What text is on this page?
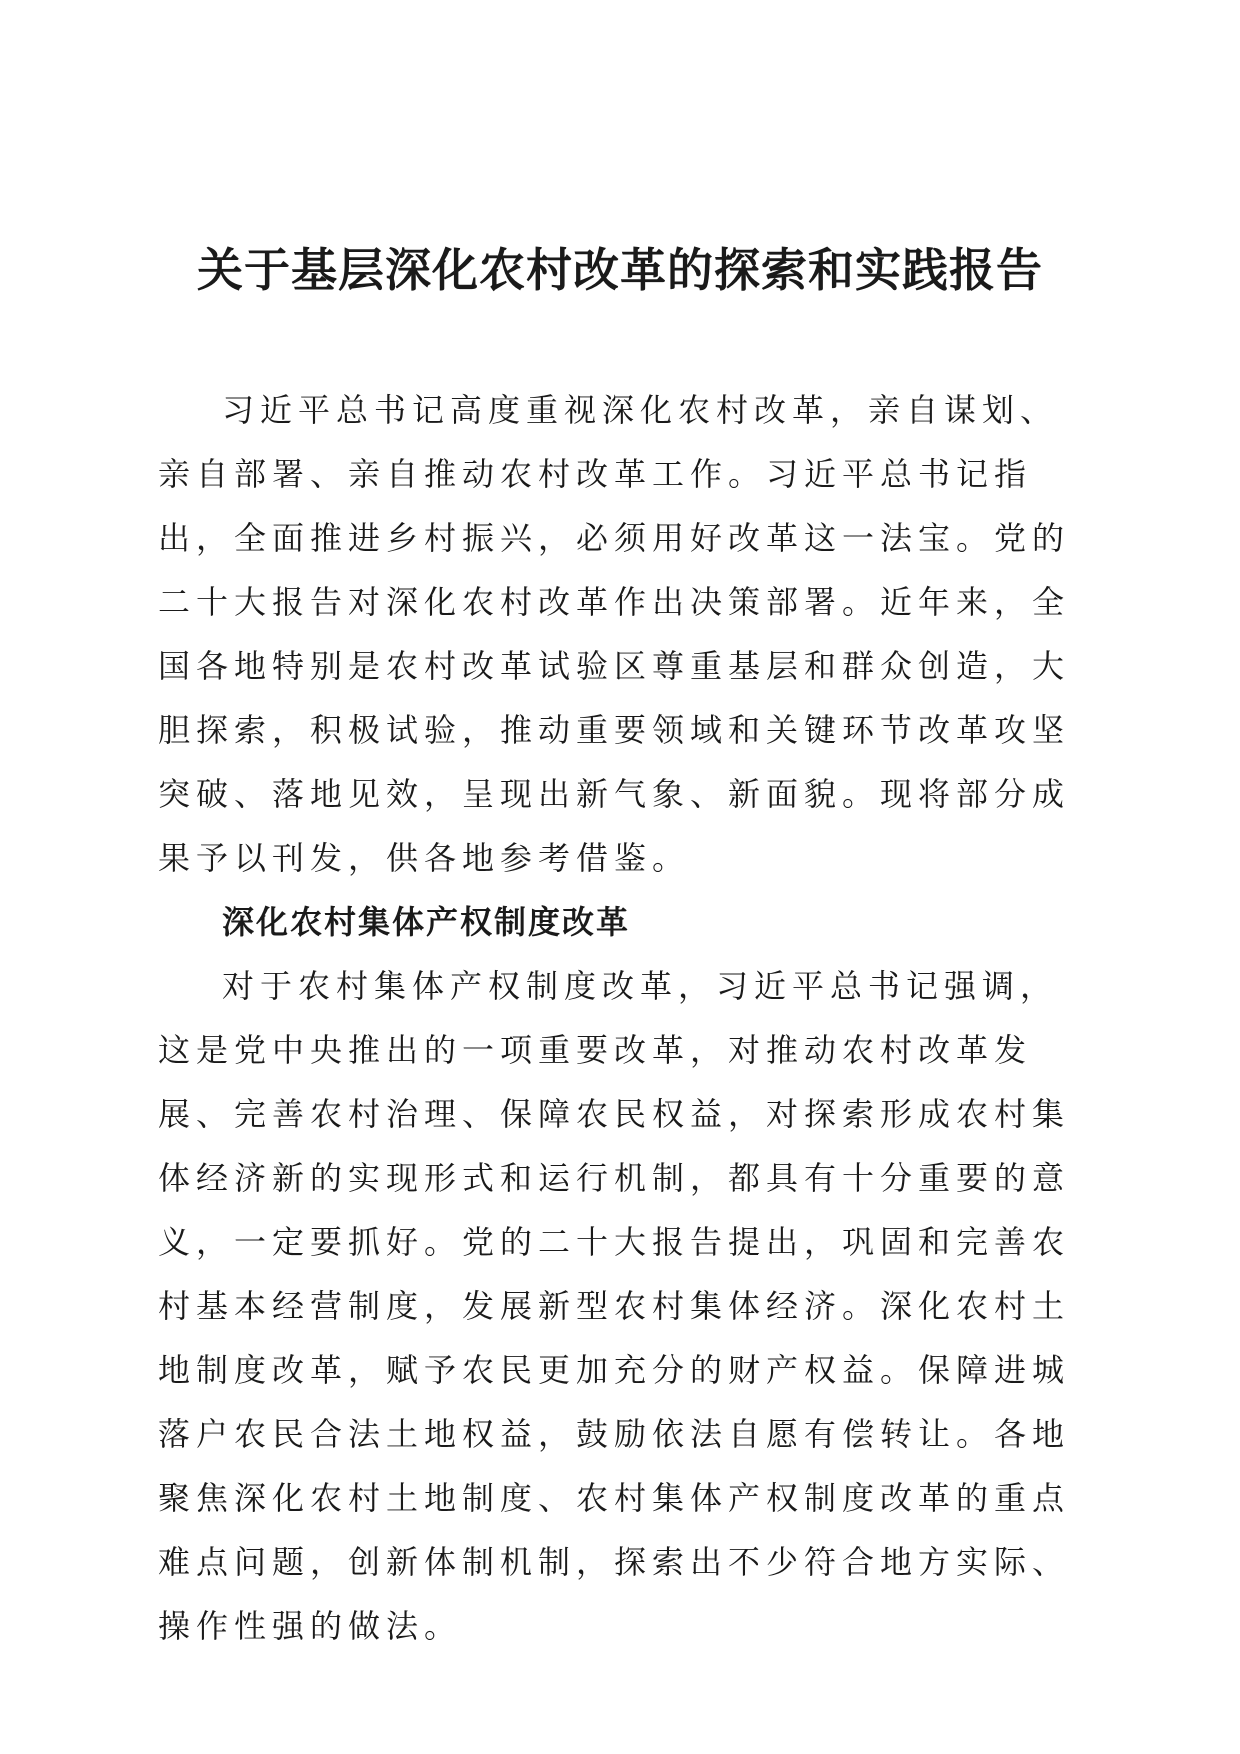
关于基层深化农村改革的探索和实践报告

习近平总书记高度重视深化农村改革，亲自谋划、亲自部署、亲自推动农村改革工作。习近平总书记指出，全面推进乡村振兴，必须用好改革这一法宝。党的二十大报告对深化农村改革作出决策部署。近年来，全国各地特别是农村改革试验区尊重基层和群众创造，大胆探索，积极试验，推动重要领域和关键环节改革攻坚突破、落地见效，呈现出新气象、新面貌。现将部分成果予以刊发，供各地参考借鉴。

深化农村集体产权制度改革

对于农村集体产权制度改革，习近平总书记强调，这是党中央推出的一项重要改革，对推动农村改革发展、完善农村治理、保障农民权益，对探索形成农村集体经济新的实现形式和运行机制，都具有十分重要的意义，一定要抓好。党的二十大报告提出，巩固和完善农村基本经营制度，发展新型农村集体经济。深化农村土地制度改革，赋予农民更加充分的财产权益。保障进城落户农民合法土地权益，鼓励依法自愿有偿转让。各地聚焦深化农村土地制度、农村集体产权制度改革的重点难点问题，创新体制机制，探索出不少符合地方实际、操作性强的做法。
